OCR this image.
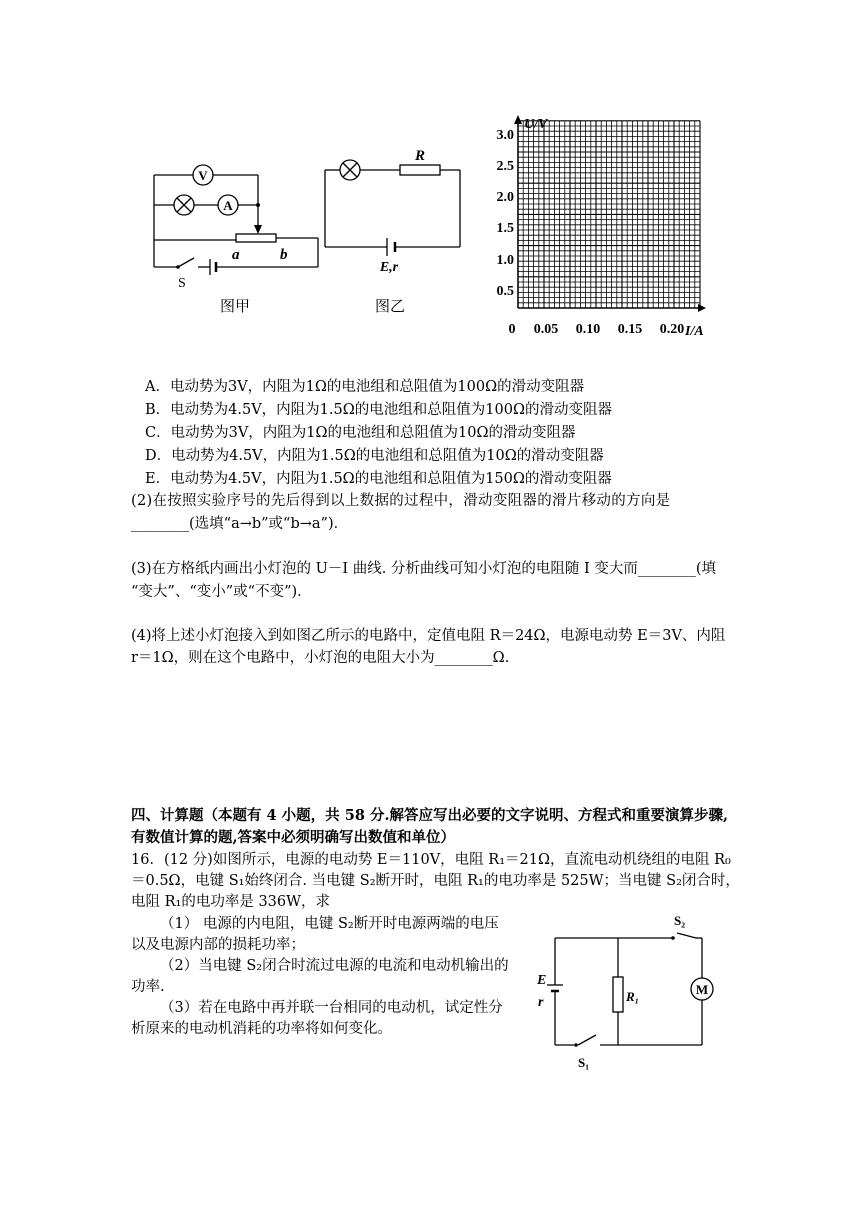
V
A
a	b
S
图甲
R
E,r
图乙
U/V
I/A
3.0
2.5
2.0
1.5
1.0
0.5
0 0.05 0.10 0.15 0.20
A．电动势为3V，内阻为1Ω的电池组和总阻值为100Ω的滑动变阻器
B．电动势为4.5V，内阻为1.5Ω的电池组和总阻值为100Ω的滑动变阻器
C．电动势为3V，内阻为1Ω的电池组和总阻值为10Ω的滑动变阻器
D．电动势为4.5V，内阻为1.5Ω的电池组和总阻值为10Ω的滑动变阻器
E．电动势为4.5V，内阻为1.5Ω的电池组和总阻值为150Ω的滑动变阻器
(2)在按照实验序号的先后得到以上数据的过程中，滑动变阻器的滑片移动的方向是
________(选填“a→b”或“b→a”)．
(3)在方格纸内画出小灯泡的 U－I 曲线. 分析曲线可知小灯泡的电阻随 I 变大而________(填
“变大”、“变小”或“不变”)．
(4)将上述小灯泡接入到如图乙所示的电路中，定值电阻 R＝24Ω，电源电动势 E＝3V、内阻
r＝1Ω，则在这个电路中，小灯泡的电阻大小为________Ω.
四、计算题（本题有 4 小题，共 58 分.解答应写出必要的文字说明、方程式和重要演算步骤,
有数值计算的题,答案中必须明确写出数值和单位）
16．(12 分)如图所示，电源的电动势 E＝110V，电阻 R₁＝21Ω，直流电动机绕组的电阻 R₀
＝0.5Ω，电键 S₁始终闭合. 当电键 S₂断开时，电阻 R₁的电功率是 525W；当电键 S₂闭合时，
电阻 R₁的电功率是 336W，求
（1） 电源的内电阻，电键 S₂断开时电源两端的电压
以及电源内部的损耗功率；
（2）当电键 S₂闭合时流过电源的电流和电动机输出的
功率.
（3）若在电路中再并联一台相同的电动机，试定性分
析原来的电动机消耗的功率将如何变化。
S₂
S₁
E
r	R₁	M
